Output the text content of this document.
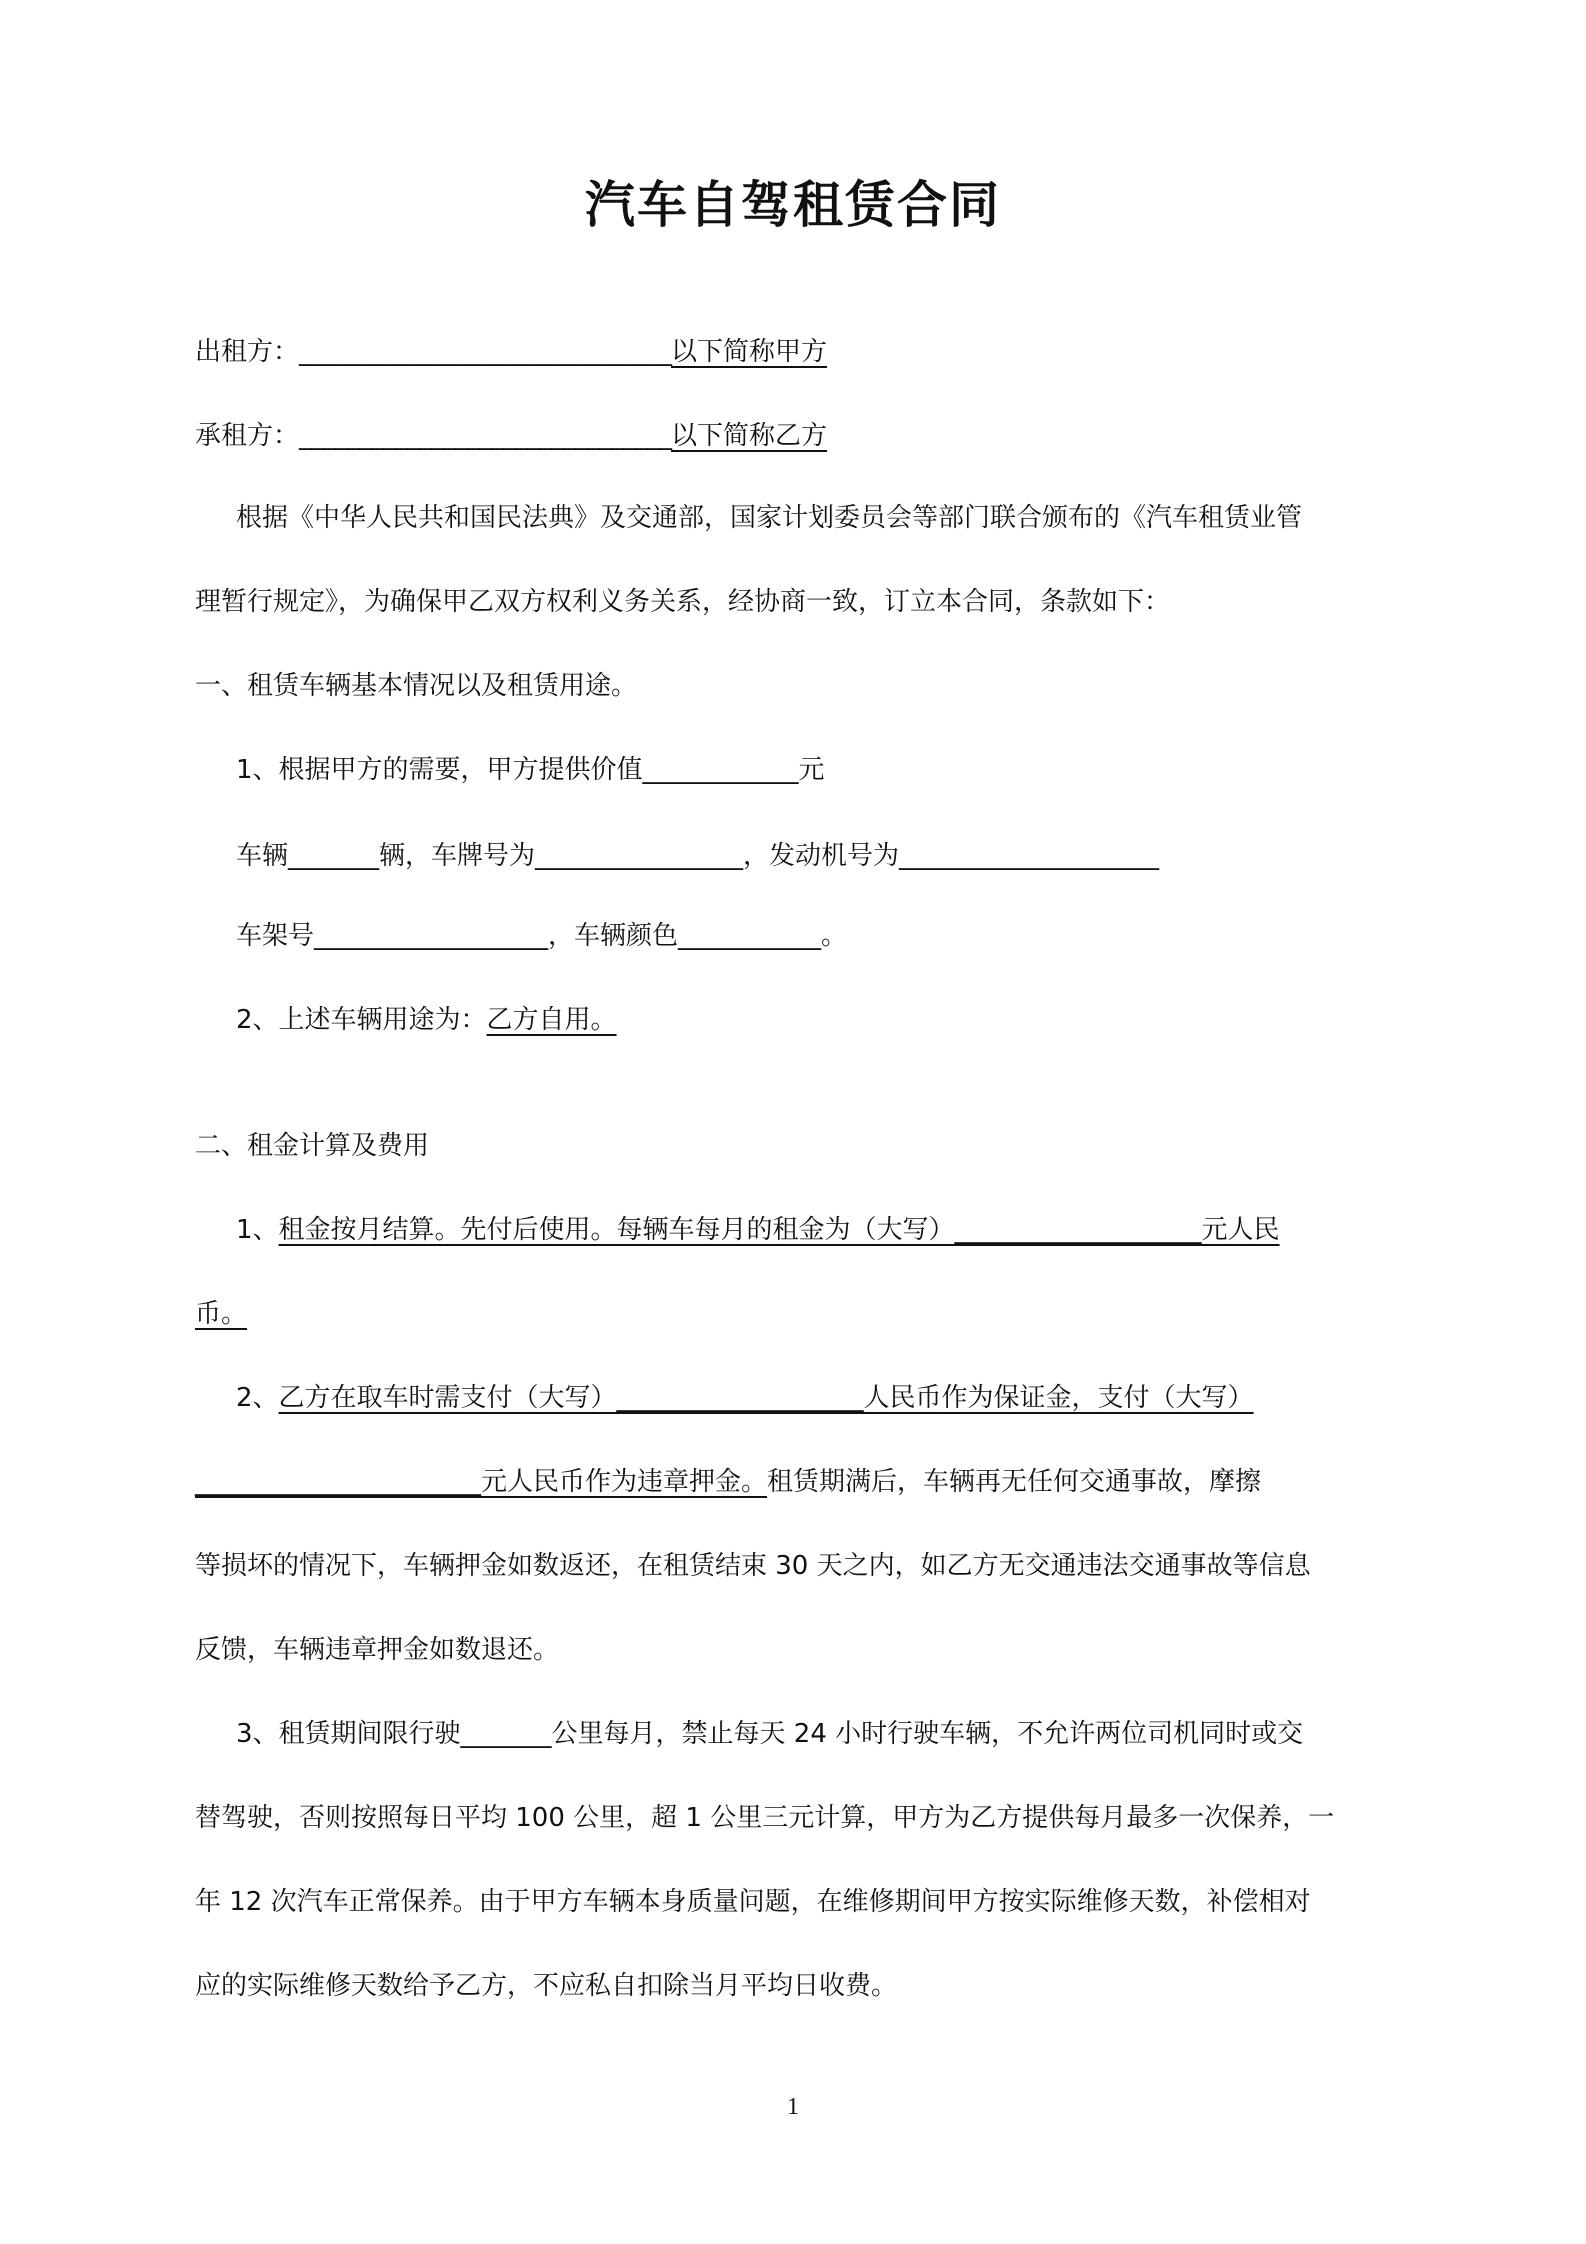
汽车自驾租赁合同
出租方：_______________________________以下简称甲方
承租方：_______________________________以下简称乙方
根据《中华人民共和国民法典》及交通部，国家计划委员会等部门联合颁布的《汽车租赁业管
理暂行规定》，为确保甲乙双方权利义务关系，经协商一致，订立本合同，条款如下：
一、租赁车辆基本情况以及租赁用途。
1、根据甲方的需要，甲方提供价值____________元
车辆_______辆，车牌号为________________，发动机号为____________________
车架号__________________，车辆颜色___________。
2、上述车辆用途为：乙方自用。
二、租金计算及费用
1、租金按月结算。先付后使用。每辆车每月的租金为（大写）___________________元人民
币。
2、乙方在取车时需支付（大写）___________________人民币作为保证金，支付（大写）
______________________元人民币作为违章押金。租赁期满后，车辆再无任何交通事故，摩擦
等损坏的情况下，车辆押金如数返还，在租赁结束 30 天之内，如乙方无交通违法交通事故等信息
反馈，车辆违章押金如数退还。
3、租赁期间限行驶_______公里每月，禁止每天 24 小时行驶车辆，不允许两位司机同时或交
替驾驶，否则按照每日平均 100 公里，超 1 公里三元计算，甲方为乙方提供每月最多一次保养，一
年 12 次汽车正常保养。由于甲方车辆本身质量问题，在维修期间甲方按实际维修天数，补偿相对
应的实际维修天数给予乙方，不应私自扣除当月平均日收费。
1
